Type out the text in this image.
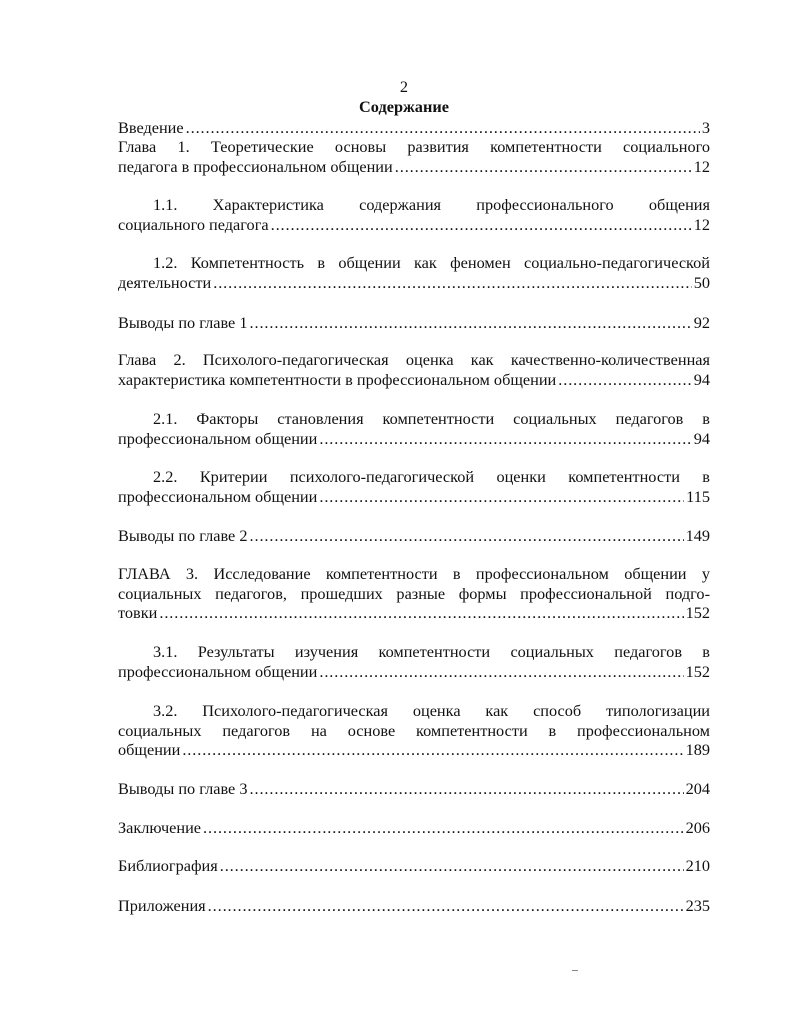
2
Содержание
Введение .....	3
Глава 1. Теоретические основы развития компетентности социального
педагога в профессиональном общении .....	12
1.1. Характеристика содержания профессионального общения
социального педагога .....	12
1.2. Компетентность в общении как феномен социально-педагогической
деятельности .....	50
Выводы по главе 1 .....	92
Глава 2. Психолого-педагогическая оценка как качественно-количественная
характеристика компетентности в профессиональном общении .....	94
2.1. Факторы становления компетентности социальных педагогов в
профессиональном общении .....	94
2.2. Критерии психолого-педагогической оценки компетентности в
профессиональном общении .....	115
Выводы по главе 2 .....	149
ГЛАВА 3. Исследование компетентности в профессиональном общении у
социальных педагогов, прошедших разные формы профессиональной подго-
товки .....	152
3.1. Результаты изучения компетентности социальных педагогов в
профессиональном общении .....	152
3.2. Психолого-педагогическая оценка как способ типологизации
социальных педагогов на основе компетентности в профессиональном
общении .....	189
Выводы по главе 3 .....	204
Заключение .....	206
Библиография .....	210
Приложения .....	235
